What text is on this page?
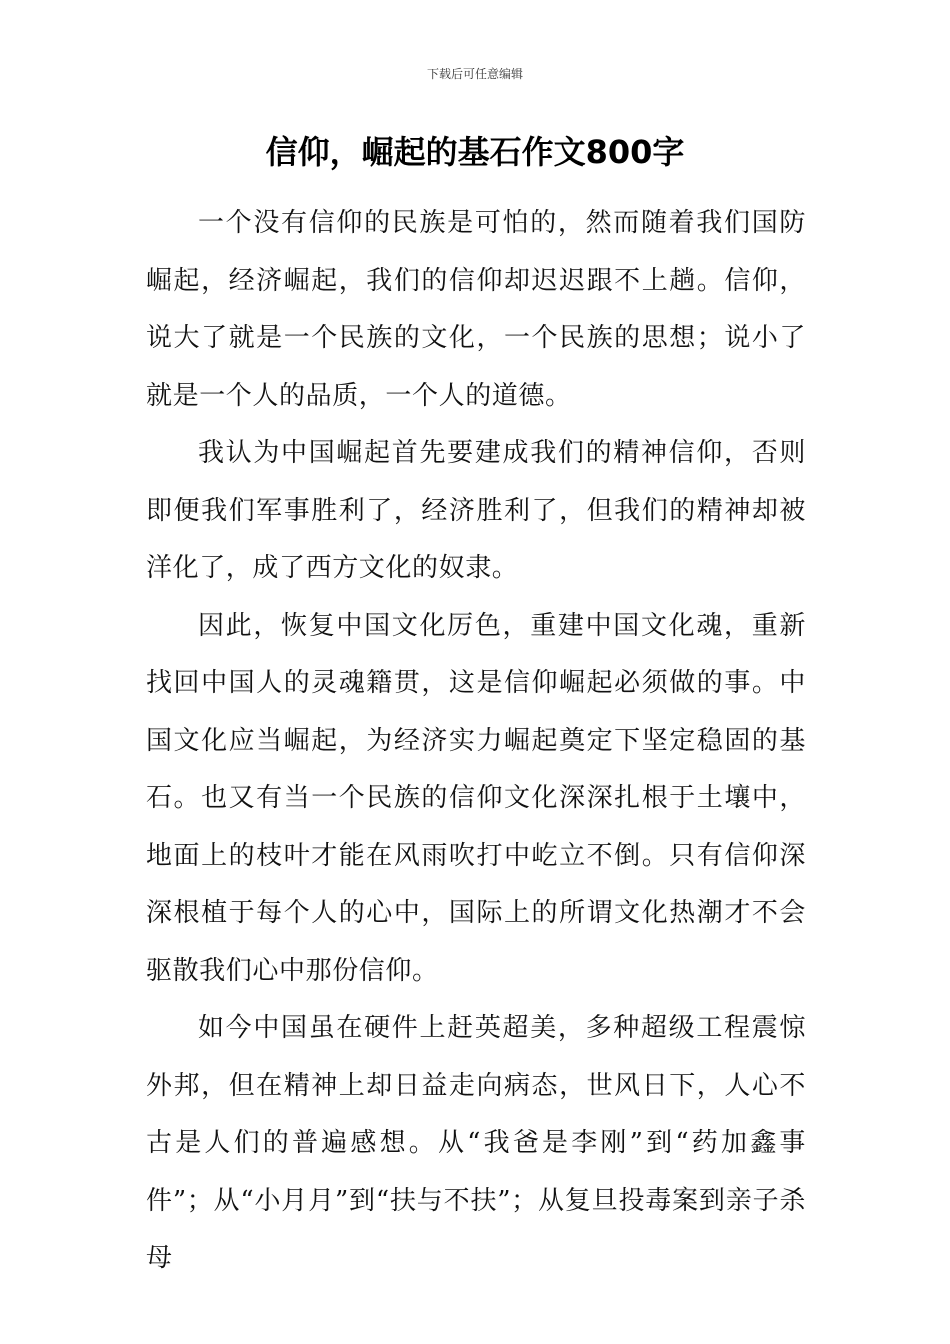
下载后可任意编辑
信仰，崛起的基石作文800字

一个没有信仰的民族是可怕的，然而随着我们国防崛起，经济崛起，我们的信仰却迟迟跟不上趟。信仰，说大了就是一个民族的文化，一个民族的思想；说小了就是一个人的品质，一个人的道德。

我认为中国崛起首先要建成我们的精神信仰，否则即便我们军事胜利了，经济胜利了，但我们的精神却被洋化了，成了西方文化的奴隶。

因此，恢复中国文化厉色，重建中国文化魂，重新找回中国人的灵魂籍贯，这是信仰崛起必须做的事。中国文化应当崛起，为经济实力崛起奠定下坚定稳固的基石。也又有当一个民族的信仰文化深深扎根于土壤中，地面上的枝叶才能在风雨吹打中屹立不倒。只有信仰深深根植于每个人的心中，国际上的所谓文化热潮才不会驱散我们心中那份信仰。

如今中国虽在硬件上赶英超美，多种超级工程震惊外邦，但在精神上却日益走向病态，世风日下，人心不古是人们的普遍感想。从“我爸是李刚”到“药加鑫事件”；从“小月月”到“扶与不扶”；从复旦投毒案到亲子杀母
